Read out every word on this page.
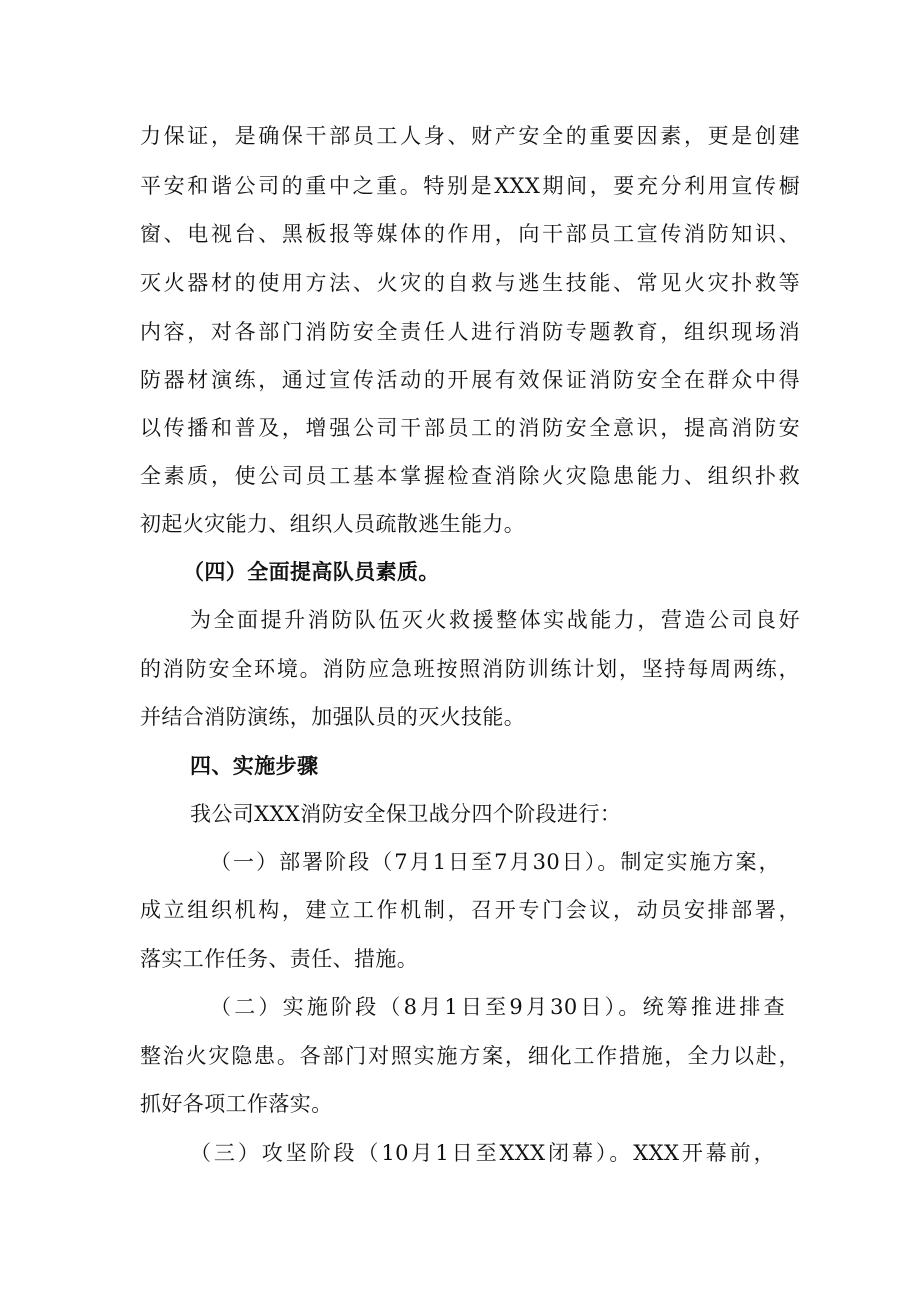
力保证，是确保干部员工人身、财产安全的重要因素，更是创建
平安和谐公司的重中之重。特别是XXX期间，要充分利用宣传橱
窗、电视台、黑板报等媒体的作用，向干部员工宣传消防知识、
灭火器材的使用方法、火灾的自救与逃生技能、常见火灾扑救等
内容，对各部门消防安全责任人进行消防专题教育，组织现场消
防器材演练，通过宣传活动的开展有效保证消防安全在群众中得
以传播和普及，增强公司干部员工的消防安全意识，提高消防安
全素质，使公司员工基本掌握检查消除火灾隐患能力、组织扑救
初起火灾能力、组织人员疏散逃生能力。
（四）全面提高队员素质。
为全面提升消防队伍灭火救援整体实战能力，营造公司良好
的消防安全环境。消防应急班按照消防训练计划，坚持每周两练，
并结合消防演练，加强队员的灭火技能。
四、实施步骤
我公司XXX消防安全保卫战分四个阶段进行：
（一）部署阶段（7月1日至7月30日）。制定实施方案，
成立组织机构，建立工作机制，召开专门会议，动员安排部署，
落实工作任务、责任、措施。
（二）实施阶段（8月1日至9月30日）。统筹推进排查
整治火灾隐患。各部门对照实施方案，细化工作措施，全力以赴，
抓好各项工作落实。
（三）攻坚阶段（10月1日至XXX闭幕）。XXX开幕前，
